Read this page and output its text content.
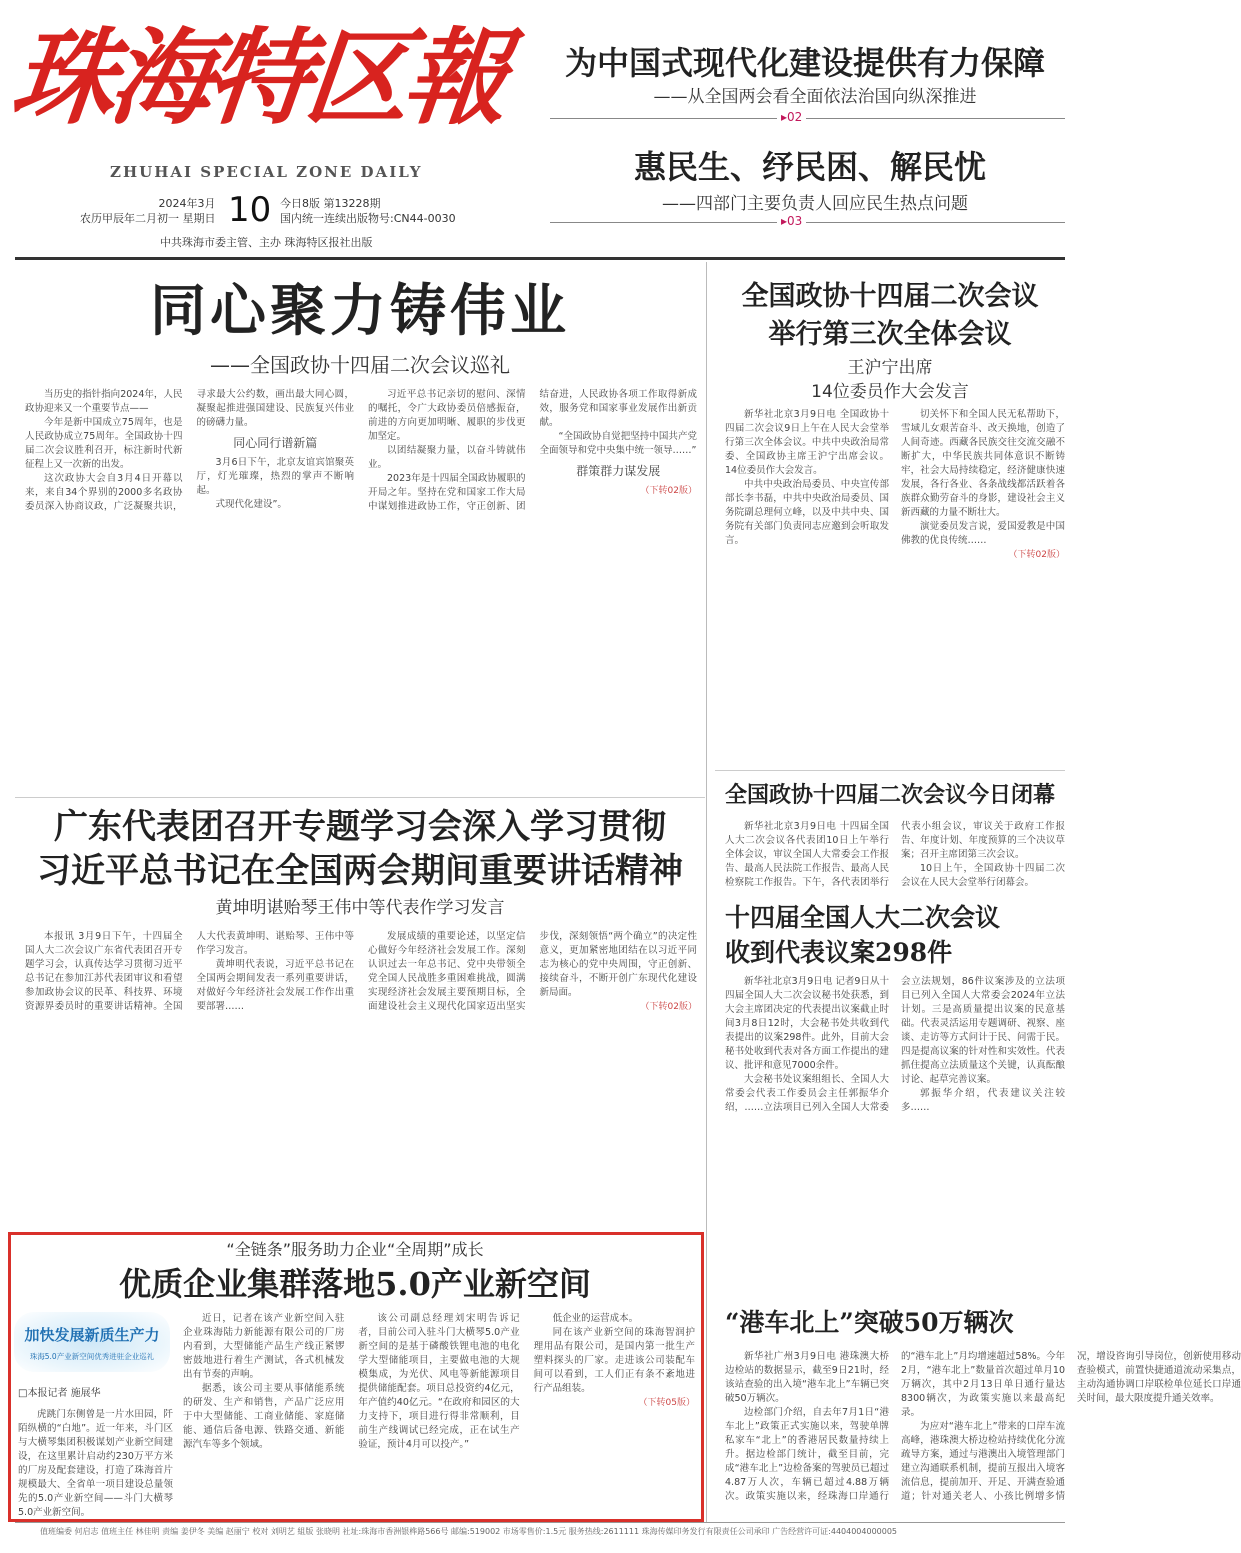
珠海特区報
ZHUHAI SPECIAL ZONE DAILY
2024年3月
农历甲辰年二月初一 星期日 10 今日8版 第13228期
国内统一连续出版物号:CN44-0030
中共珠海市委主管、主办 珠海特区报社出版
为中国式现代化建设提供有力保障
——从全国两会看全面依法治国向纵深推进
▸02
惠民生、纾民困、解民忧
——四部门主要负责人回应民生热点问题
▸03
同心聚力铸伟业
——全国政协十四届二次会议巡礼

当历史的指针指向2024年，人民政协迎来又一个重要节点——

今年是新中国成立75周年，也是人民政协成立75周年。全国政协十四届二次会议胜利召开，标注新时代新征程上又一次新的出发。

这次政协大会自3月4日开幕以来，来自34个界别的2000多名政协委员深入协商议政，广泛凝聚共识，寻求最大公约数，画出最大同心圆，凝聚起推进强国建设、民族复兴伟业的磅礴力量。

同心同行谱新篇

3月6日下午，北京友谊宾馆聚英厅，灯光璀璨，热烈的掌声不断响起。

式现代化建设”。

习近平总书记亲切的慰问、深情的嘱托，令广大政协委员倍感振奋，前进的方向更加明晰、履职的步伐更加坚定。

以团结凝聚力量，以奋斗铸就伟业。

2023年是十四届全国政协履职的开局之年。坚持在党和国家工作大局中谋划推进政协工作，守正创新、团结奋进，人民政协各项工作取得新成效，服务党和国家事业发展作出新贡献。

“全国政协自觉把坚持中国共产党全面领导和党中央集中统一领导……”

群策群力谋发展
（下转02版）
全国政协十四届二次会议
举行第三次全体会议
王沪宁出席
14位委员作大会发言

新华社北京3月9日电 全国政协十四届二次会议9日上午在人民大会堂举行第三次全体会议。中共中央政治局常委、全国政协主席王沪宁出席会议。14位委员作大会发言。

中共中央政治局委员、中央宣传部部长李书磊，中共中央政治局委员、国务院副总理何立峰，以及中共中央、国务院有关部门负责同志应邀到会听取发言。

切关怀下和全国人民无私帮助下，雪域儿女艰苦奋斗、改天换地，创造了人间奇迹。西藏各民族交往交流交融不断扩大，中华民族共同体意识不断铸牢，社会大局持续稳定，经济健康快速发展，各行各业、各条战线都活跃着各族群众勤劳奋斗的身影，建设社会主义新西藏的力量不断壮大。

演觉委员发言说，爱国爱教是中国佛教的优良传统……

（下转02版）
全国政协十四届二次会议今日闭幕

新华社北京3月9日电 十四届全国人大二次会议各代表团10日上午举行全体会议，审议全国人大常委会工作报告、最高人民法院工作报告、最高人民检察院工作报告。下午，各代表团举行代表小组会议，审议关于政府工作报告、年度计划、年度预算的三个决议草案；召开主席团第三次会议。

10日上午，全国政协十四届二次会议在人民大会堂举行闭幕会。

十四届全国人大二次会议
收到代表议案298件

新华社北京3月9日电 记者9日从十四届全国人大二次会议秘书处获悉，到大会主席团决定的代表提出议案截止时间3月8日12时，大会秘书处共收到代表提出的议案298件。此外，目前大会秘书处收到代表对各方面工作提出的建议、批评和意见7000余件。

大会秘书处议案组组长、全国人大常委会代表工作委员会主任郭振华介绍，……立法项目已列入全国人大常委会立法规划，86件议案涉及的立法项目已列入全国人大常委会2024年立法计划。三是高质量提出议案的民意基础。代表灵活运用专题调研、视察、座谈、走访等方式问计于民、问需于民。四是提高议案的针对性和实效性。代表抓住提高立法质量这个关键，认真酝酿讨论、起草完善议案。

郭振华介绍，代表建议关注较多……

“港车北上”突破50万辆次

新华社广州3月9日电 港珠澳大桥边检站的数据显示，截至9日21时，经该站查验的出入境“港车北上”车辆已突破50万辆次。

边检部门介绍，自去年7月1日“港车北上”政策正式实施以来，驾驶单牌私家车“北上”的香港居民数量持续上升。据边检部门统计，截至目前，完成“港车北上”边检备案的驾驶员已超过4.87万人次，车辆已超过4.88万辆次。政策实施以来，经珠海口岸通行的“港车北上”月均增速超过58%。今年2月，“港车北上”数量首次超过单月10万辆次，其中2月13日单日通行量达8300辆次，为政策实施以来最高纪录。

为应对“港车北上”带来的口岸车流高峰，港珠澳大桥边检站持续优化分流疏导方案，通过与港澳出入境管理部门建立沟通联系机制，提前互报出入境客流信息，提前加开、开足、开满查验通道；针对通关老人、小孩比例增多情况，增设咨询引导岗位，创新使用移动查验模式，前置快捷通道流动采集点，主动沟通协调口岸联检单位延长口岸通关时间，最大限度提升通关效率。

广东代表团召开专题学习会深入学习贯彻
习近平总书记在全国两会期间重要讲话精神
黄坤明谌贻琴王伟中等代表作学习发言

本报讯 3月9日下午，十四届全国人大二次会议广东省代表团召开专题学习会，认真传达学习贯彻习近平总书记在参加江苏代表团审议和看望参加政协会议的民革、科技界、环境资源界委员时的重要讲话精神。全国人大代表黄坤明、谌贻琴、王伟中等作学习发言。

黄坤明代表说，习近平总书记在全国两会期间发表一系列重要讲话，对做好今年经济社会发展工作作出重要部署……

发展成绩的重要论述，以坚定信心做好今年经济社会发展工作。深刻认识过去一年总书记、党中央带领全党全国人民战胜多重困难挑战，圆满实现经济社会发展主要预期目标，全面建设社会主义现代化国家迈出坚实步伐，深刻领悟“两个确立”的决定性意义，更加紧密地团结在以习近平同志为核心的党中央周围，守正创新、接续奋斗，不断开创广东现代化建设新局面。

（下转02版）
“全链条”服务助力企业“全周期”成长
优质企业集群落地5.0产业新空间
加快发展新质生产力
珠海5.0产业新空间优秀进驻企业巡礼
□本报记者 施展华

虎跳门东侧曾是一片水田园，阡陌纵横的“白地”。近一年来，斗门区与大横琴集团积极谋划产业新空间建设，在这里累计启动约230万平方米的厂房及配套建设，打造了珠海首片规模最大、全省单一项目建设总量领先的5.0产业新空间——斗门大横琴5.0产业新空间。

近日，记者在该产业新空间入驻企业珠海陆力新能源有限公司的厂房内看到，大型储能产品生产线正紧锣密鼓地进行着生产测试，各式机械发出有节奏的声响。

据悉，该公司主要从事储能系统的研发、生产和销售，产品广泛应用于中大型储能、工商业储能、家庭储能、通信后备电源、铁路交通、新能源汽车等多个领域。

该公司副总经理刘宋明告诉记者，目前公司入驻斗门大横琴5.0产业新空间的是基于磷酸铁锂电池的电化学大型储能项目，主要做电池的大规模集成，为光伏、风电等新能源项目提供储能配套。项目总投资约4亿元，年产值约40亿元。“在政府和园区的大力支持下，项目进行得非常顺利，目前生产线调试已经完成，正在试生产验证，预计4月可以投产。”

低企业的运营成本。

同在该产业新空间的珠海智润护理用品有限公司，是国内第一批生产塑料探头的厂家。走进该公司装配车间可以看到，工人们正有条不紊地进行产品组装。

（下转05版）
值班编委 何启志 值班主任 林佳明 责编 姜伊冬 美编 赵丽宁 校对 刘明艺 組版 张晓明 社址:珠海市香洲银桦路566号 邮编:519002 市场零售价:1.5元 服务热线:2611111 珠海传媒印务发行有限责任公司承印 广告经营许可证:4404004000005
